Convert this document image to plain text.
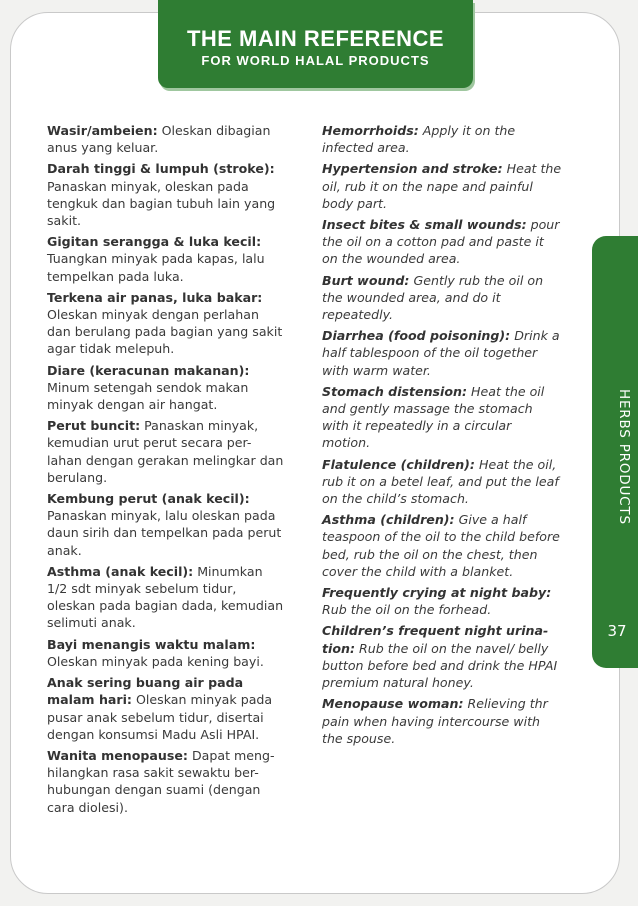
THE MAIN REFERENCE
FOR WORLD HALAL PRODUCTS
HERBS PRODUCTS
37

Wasir/ambeien: Oleskan dibagian anus yang keluar.

Darah tinggi & lumpuh (stroke): Panaskan minyak, oleskan pada tengkuk dan bagian tubuh lain yang sakit.

Gigitan serangga & luka kecil: Tuangkan minyak pada kapas, lalu tempelkan pada luka.

Terkena air panas, luka bakar: Oleskan minyak dengan perlahan dan berulang pada bagian yang sakit agar tidak melepuh.

Diare (keracunan makanan): Minum setengah sendok makan minyak dengan air hangat.

Perut buncit: Panaskan minyak, kemudian urut perut secara per-lahan dengan gerakan melingkar dan berulang.

Kembung perut (anak kecil): Panaskan minyak, lalu oleskan pada daun sirih dan tempelkan pada perut anak.

Asthma (anak kecil): Minumkan 1/2 sdt minyak sebelum tidur, oleskan pada bagian dada, kemudian selimuti anak.

Bayi menangis waktu malam: Oleskan minyak pada kening bayi.

Anak sering buang air pada malam hari: Oleskan minyak pada pusar anak sebelum tidur, disertai dengan konsumsi Madu Asli HPAI.

Wanita menopause: Dapat meng-hilangkan rasa sakit sewaktu ber-hubungan dengan suami (dengan cara diolesi).

Hemorrhoids: Apply it on the infected area.

Hypertension and stroke: Heat the oil, rub it on the nape and painful body part.

Insect bites & small wounds: pour the oil on a cotton pad and paste it on the wounded area.

Burt wound: Gently rub the oil on the wounded area, and do it repeatedly.

Diarrhea (food poisoning): Drink a half tablespoon of the oil together with warm water.

Stomach distension: Heat the oil and gently massage the stomach with it repeatedly in a circular motion.

Flatulence (children): Heat the oil, rub it on a betel leaf, and put the leaf on the child’s stomach.

Asthma (children): Give a half teaspoon of the oil to the child before bed, rub the oil on the chest, then cover the child with a blanket.

Frequently crying at night baby: Rub the oil on the forhead.

Children’s frequent night urina-tion: Rub the oil on the navel/ belly button before bed and drink the HPAI premium natural honey.

Menopause woman: Relieving thr pain when having intercourse with the spouse.
